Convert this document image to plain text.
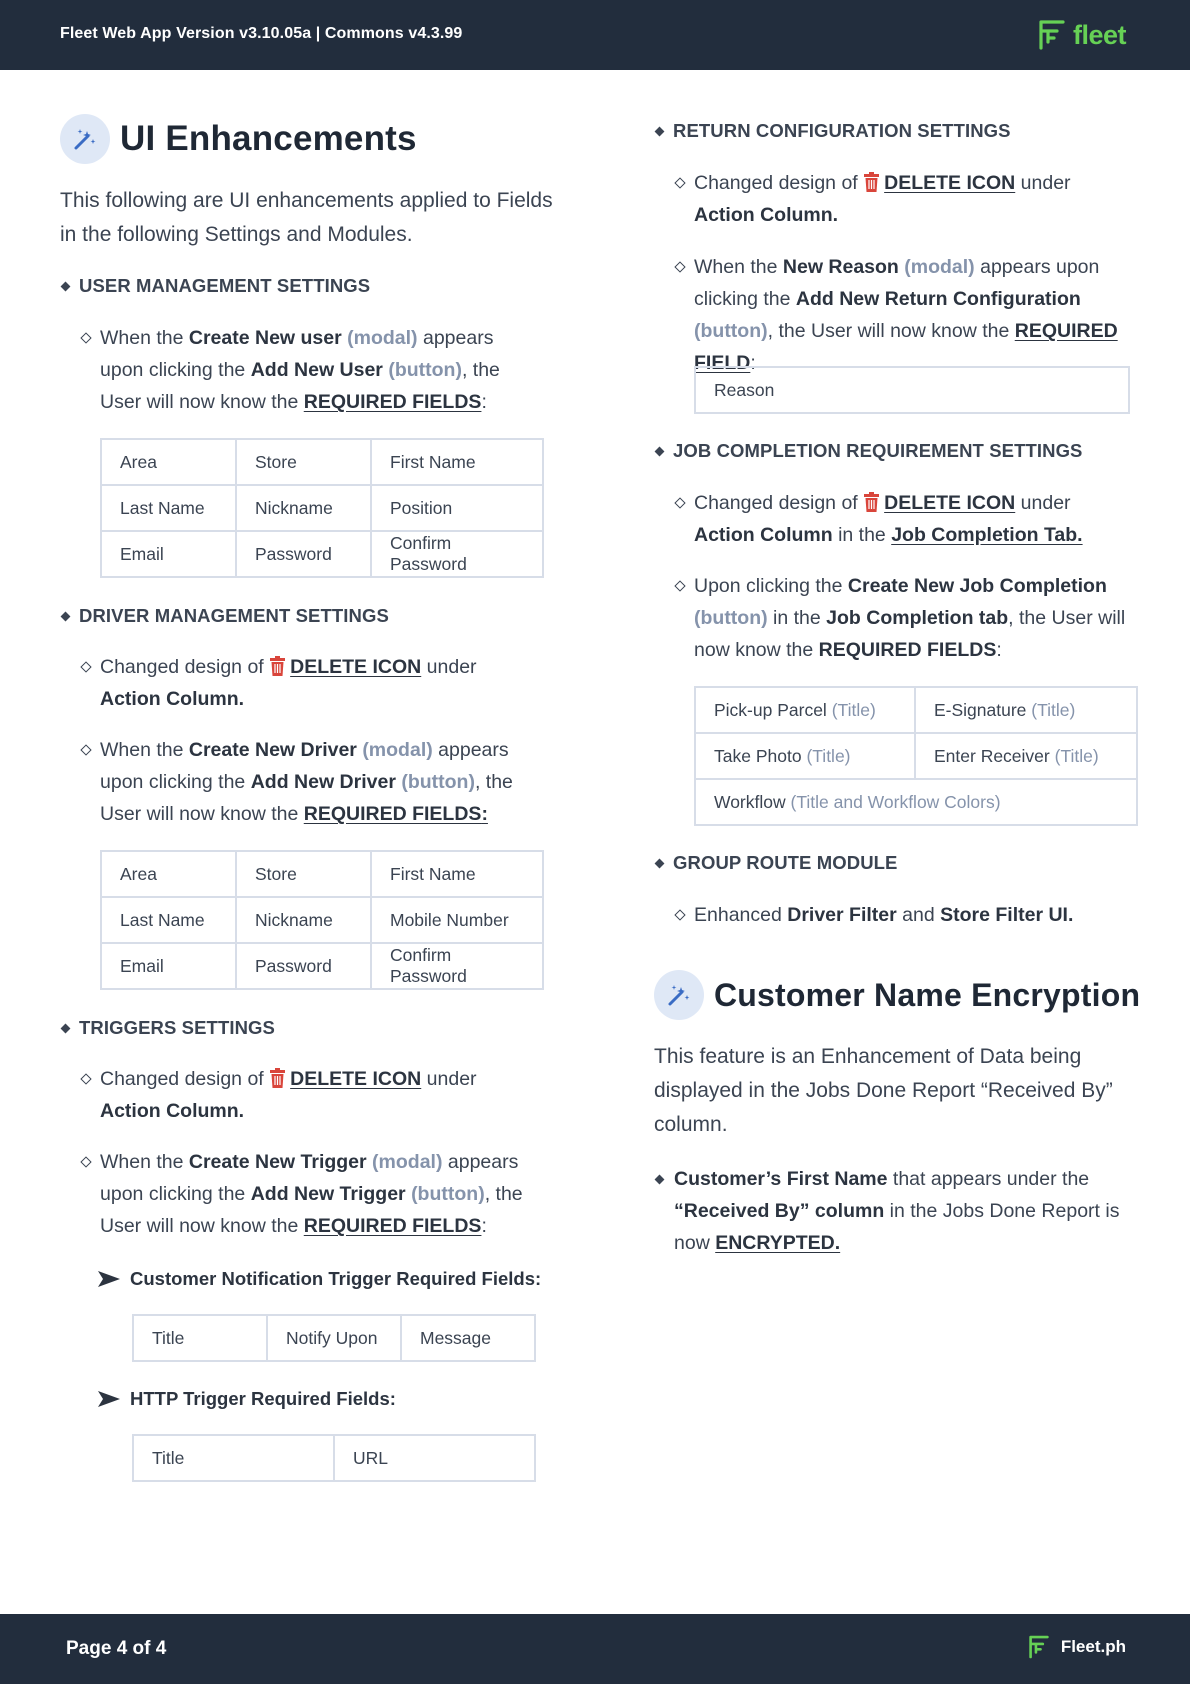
Fleet Web App Version v3.10.05a | Commons v4.3.99	fleet
UI Enhancements
This following are UI enhancements applied to Fields in the following Settings and Modules.
USER MANAGEMENT SETTINGS
When the Create New user (modal) appears upon clicking the Add New User (button), the User will now know the REQUIRED FIELDS:
Area	Store	First Name
Last Name	Nickname	Position
Email	Password	Confirm Password
DRIVER MANAGEMENT SETTINGS
Changed design of DELETE ICON under Action Column.
When the Create New Driver (modal) appears upon clicking the Add New Driver (button), the User will now know the REQUIRED FIELDS:
Area	Store	First Name
Last Name	Nickname	Mobile Number
Email	Password	Confirm Password
TRIGGERS SETTINGS
Changed design of DELETE ICON under Action Column.
When the Create New Trigger (modal) appears upon clicking the Add New Trigger (button), the User will now know the REQUIRED FIELDS:
Customer Notification Trigger Required Fields:
Title	Notify Upon	Message
HTTP Trigger Required Fields:
Title	URL
RETURN CONFIGURATION SETTINGS
Changed design of DELETE ICON under Action Column.
When the New Reason (modal) appears upon clicking the Add New Return Configuration (button), the User will now know the REQUIRED FIELD:
Reason
JOB COMPLETION REQUIREMENT SETTINGS
Changed design of DELETE ICON under Action Column in the Job Completion Tab.
Upon clicking the Create New Job Completion (button) in the Job Completion tab, the User will now know the REQUIRED FIELDS:
Pick-up Parcel (Title)	E-Signature (Title)
Take Photo (Title)	Enter Receiver (Title)
Workflow (Title and Workflow Colors)	
GROUP ROUTE MODULE
Enhanced Driver Filter and Store Filter UI.
Customer Name Encryption
This feature is an Enhancement of Data being displayed in the Jobs Done Report “Received By” column.
Customer’s First Name that appears under the “Received By” column in the Jobs Done Report is now ENCRYPTED.
Page 4 of 4	Fleet.ph
